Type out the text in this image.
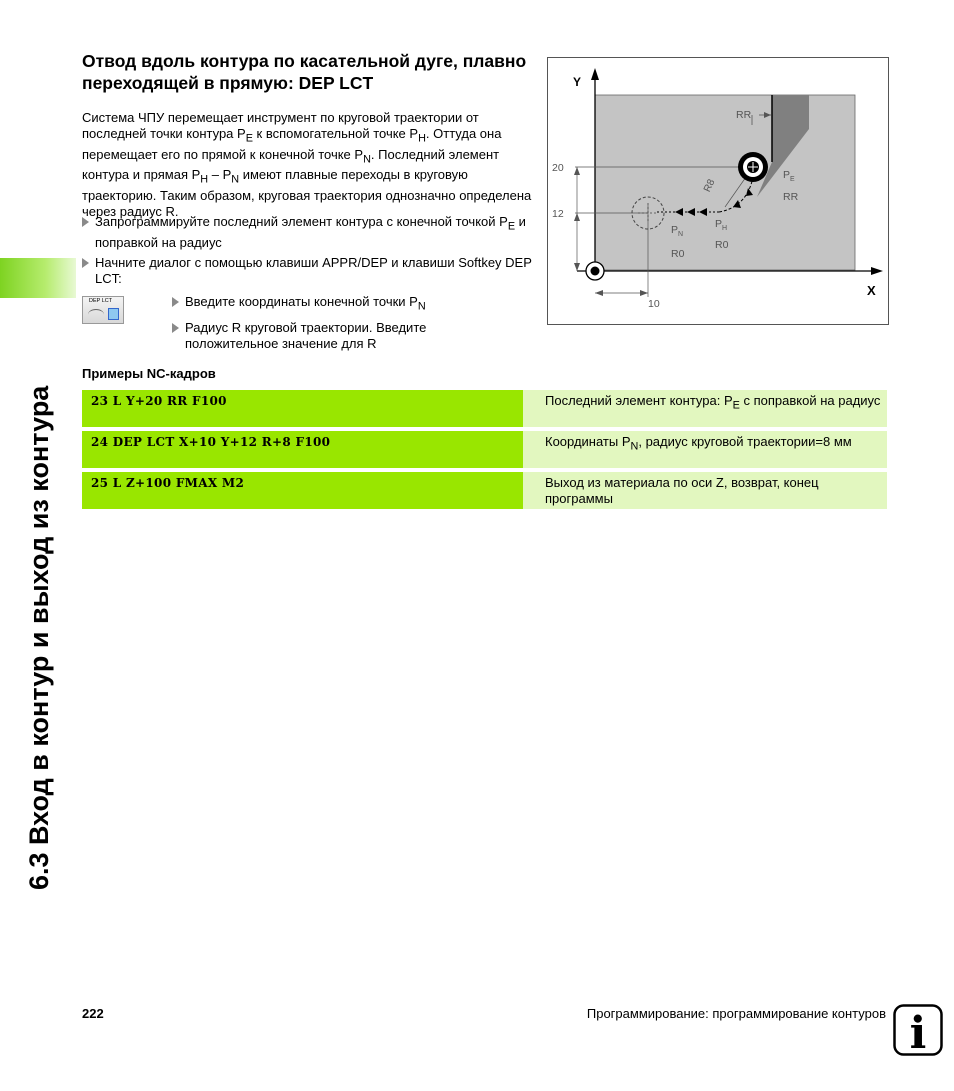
6.3 Вход в контур и выход из контура
Отвод вдоль контура по касательной дуге, плавно переходящей в прямую: DEP LCT
Система ЧПУ перемещает инструмент по круговой траектории от последней точки контура $P_E$ к вспомогательной точке $P_H$. Оттуда она перемещает его по прямой к конечной точке $P_N$. Последний элемент контура и прямая $P_H - P_N$ имеют плавные переходы в круговую траекторию. Таким образом, круговая траектория однозначно определена через радиус R.
Запрограммируйте последний элемент контура с конечной точкой $P_E$ и поправкой на радиус
Начните диалог с помощью клавиши APPR/DEP и клавиши Softkey DEP LCT:
DEP LCT	Введите координаты конечной точки $P_N$
Радиус R круговой траектории. Введите положительное значение для R
Примеры NC-кадров
23 L Y+20 RR F100	Последний элемент контура: $P_E$ с поправкой на радиус
24 DEP LCT X+10 Y+12 R+8 F100	Координаты $P_N$, радиус круговой траектории=8 мм
25 L Z+100 FMAX M2	Выход из материала по оси Z, возврат, конец программы
Y
X
RR
20
12
10
R8
$P_E$
RR
$P_H$
R0
$P_N$
R0
222	Программирование: программирование контуров i
